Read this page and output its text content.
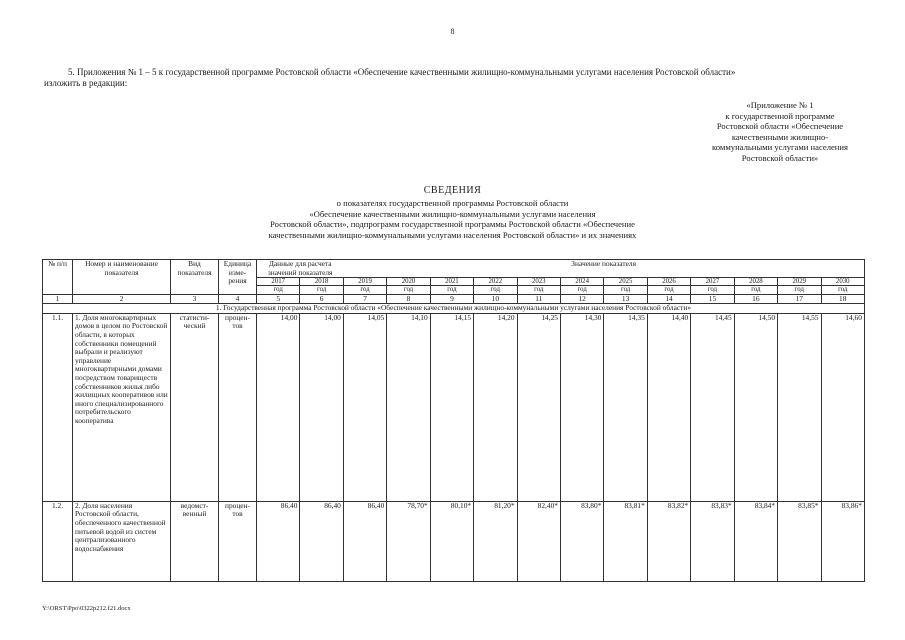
8
5. Приложения № 1 – 5 к государственной программе Ростовской области «Обеспечение качественными жилищно-коммунальными услугами населения Ростовской области»
изложить в редакции:
«Приложение № 1
к государственной программе
Ростовской области «Обеспечение
качественными жилищно-
коммунальными услугами населения
Ростовской области»
СВЕДЕНИЯ
о показателях государственной программы Ростовской области
«Обеспечение качественными жилищно-коммунальными услугами населения
Ростовской области», подпрограмм государственной программы Ростовской области «Обеспечение
качественными жилищно-коммунальными услугами населения Ростовской области» и их значениях
№ п/п	Номер и наименование показателя	Вид показателя	Единица изме- рения	Данные для расчета значений показателя		Значение показателя											
				2017	2018	2019	2020	2021	2022	2023	2024	2025	2026	2027	2028	2029	2030
				год	год	год	год	год	год	год	год	год	год	год	год	год	год
1	2	3	4	5	6	7	8	9	10	11	12	13	14	15	16	17	18
1. Государственная программа Ростовской области «Обеспечение качественными жилищно-коммунальными услугами населения Ростовской области»																	
1.1.	1. Доля многоквартирных домов в целом по Ростовской области, в которых собственники помещений выбрали и реализуют управление многоквартирными домами посредством товариществ собственников жилья либо жилищных кооперативов или иного специализированного потребительского кооператива	статисти- ческий	процен- тов	14,00	14,00	14,05	14,10	14,15	14,20	14,25	14,30	14,35	14,40	14,45	14,50	14,55	14,60
1.2.	2. Доля населения Ростовской области, обеспеченного качественной питьевой водой из систем централизованного водоснабжения	ведомст- венный	процен- тов	86,40	86,40	86,40	78,70*	80,10*	81,20*	82,40*	83,80*	83,81*	83,82*	83,83*	83,84*	83,85*	83,86*
Y:\ORST\Ppo\0322p212.f21.docx
